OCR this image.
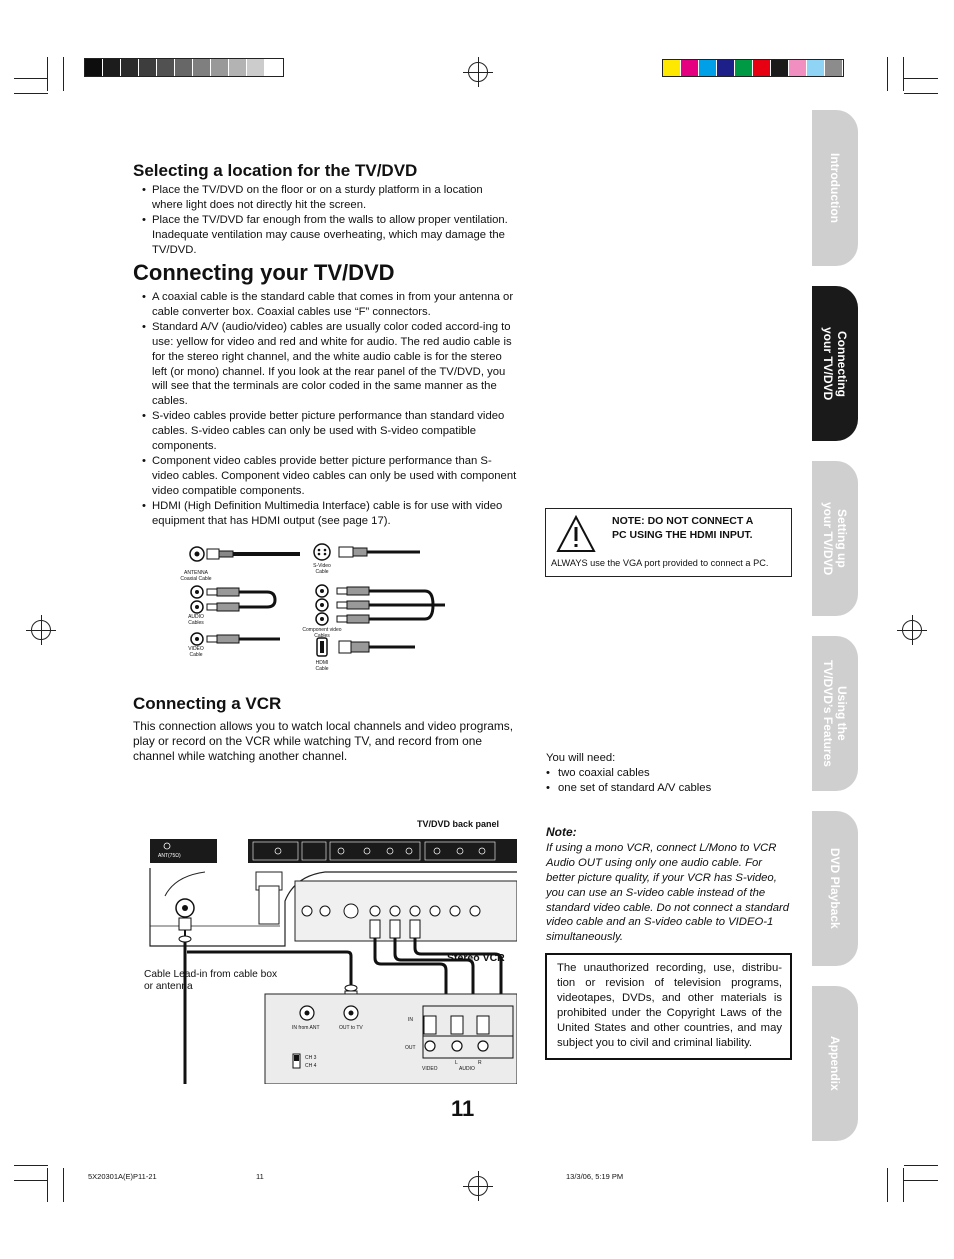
Selecting a location for the TV/DVD
• Place the TV/DVD on the floor or on a sturdy platform in a location where light does not directly hit the screen.
• Place the TV/DVD far enough from the walls to allow proper ventilation. Inadequate ventilation may cause overheating, which may damage the TV/DVD.
Connecting your TV/DVD
• A coaxial cable is the standard cable that comes in from your antenna or cable converter box. Coaxial cables use “F” connectors.
• Standard A/V (audio/video) cables are usually color coded accord-ing to use: yellow for video and red and white for audio. The red audio cable is for the stereo right channel, and the white audio cable is for the stereo left (or mono) channel. If you look at the rear panel of the TV/DVD, you will see that the terminals are color coded in the same manner as the cables.
• S-video cables provide better picture performance than standard video cables. S-video cables can only be used with S-video compatible components.
• Component video cables provide better picture performance than S-video cables. Component video cables can only be used with component video compatible components.
• HDMI (High Definition Multimedia Interface) cable is for use with video equipment that has HDMI output (see page 17).
ANTENNA
Coaxial Cable
AUDIO
Cables
VIDEO
Cable
S-Video
Cable
Component video
Cables
HDMI
Cable
NOTE: DO NOT CONNECT A
PC USING THE HDMI INPUT.
ALWAYS use the VGA port provided to connect a PC.
Connecting a VCR
This connection allows you to watch local channels and video programs, play or record on the VCR while watching TV, and record from one channel while watching another channel.	You will need:
• two coaxial cables
• one set of standard A/V cables
Note:
If using a mono VCR, connect L/Mono to VCR Audio OUT using only one audio cable. For better picture quality, if your VCR has S-video, you can use an S-video cable instead of the standard video cable. Do not connect a standard video cable and an S-video cable to VIDEO-1 simultaneously.
The unauthorized recording, use, distribu-tion or revision of television programs, videotapes, DVDs, and other materials is prohibited under the Copyright Laws of the United States and other countries, and may subject you to civil and criminal liability.
TV/DVD back panel
ANT(75Ω)
Stereo VCR
Cable Lead-in from cable box or antenna
IN from ANT	OUT to TV
IN
OUT
CH 3
CH 4	VIDEO	AUDIO
L	R
Introduction
Connecting
your TV/DVD
Setting up
your TV/DVD
Using the
TV/DVD’s Features
DVD Playback
Appendix
11
5X20301A(E)P11-21	11	13/3/06, 5:19 PM
